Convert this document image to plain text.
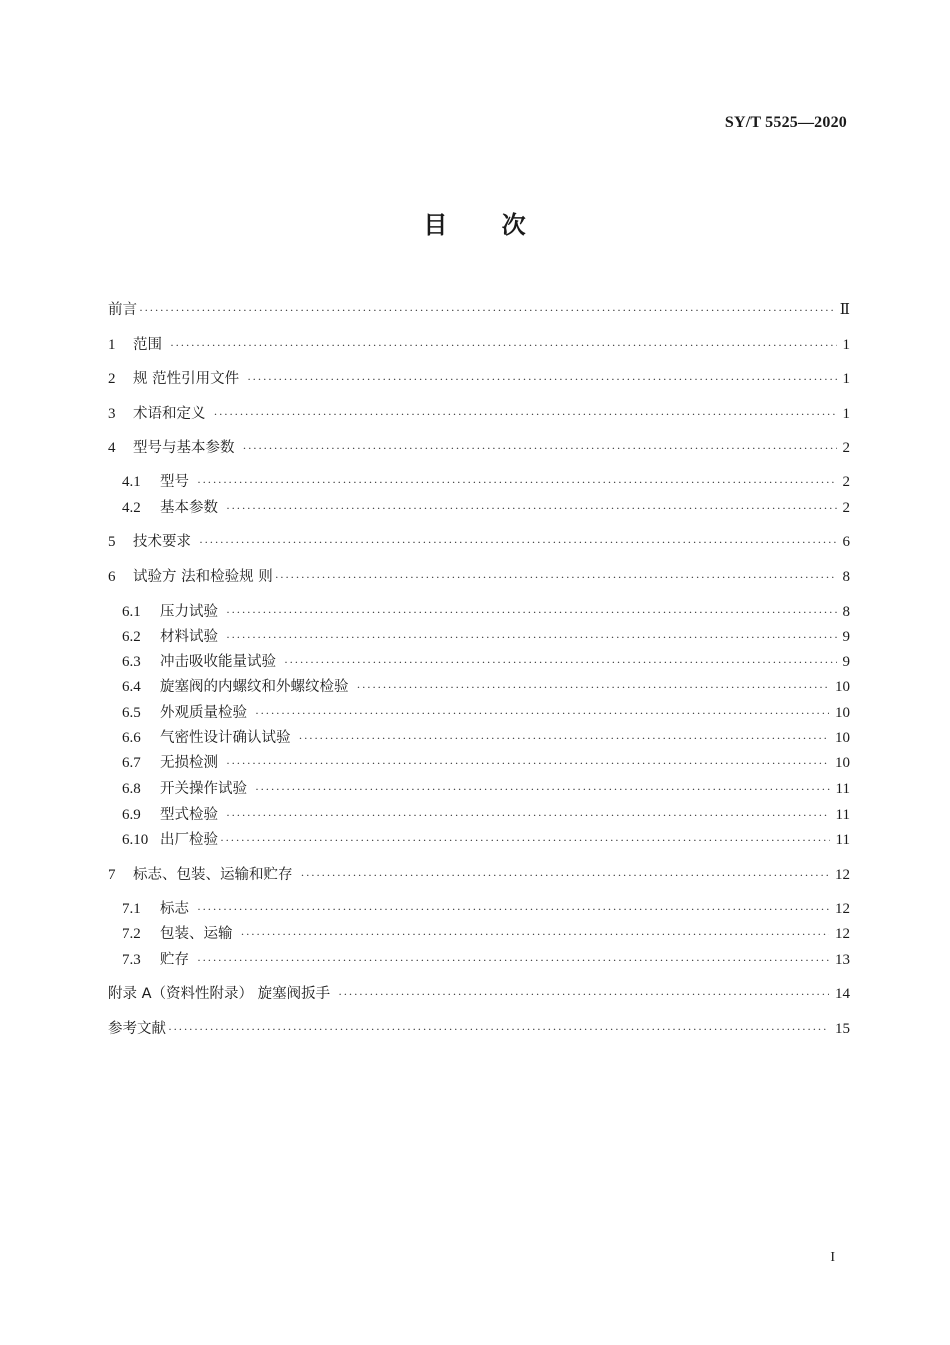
SY/T 5525—2020
目 次
前言 ·····	Ⅱ
1	范围 ·····	1
2	规 范性引用文件 ·····	1
3	术语和定义 ·····	1
4	型号与基本参数 ·····	2
4.1	型号 ·····	2
4.2	基本参数 ·····	2
5	技术要求 ·····	6
6	试验方 法和检验规 则 ·····	8
6.1	压力试验 ·····	8
6.2	材料试验 ·····	9
6.3	冲击吸收能量试验 ·····	9
6.4	旋塞阀的内螺纹和外螺纹检验 ·····	10
6.5	外观质量检验 ·····	10
6.6	气密性设计确认试验 ·····	10
6.7	无损检测 ·····	10
6.8	开关操作试验 ·····	11
6.9	型式检验 ·····	11
6.10 出厂检验 ·····	11
7	标志、包装、运输和贮存 ·····	12
7.1	标志 ·····	12
7.2	包装、运输 ·····	12
7.3	贮存 ·····	13
附录 A（资料性附录） 旋塞阀扳手 ·····	14
参考文献 ·····	15
I
